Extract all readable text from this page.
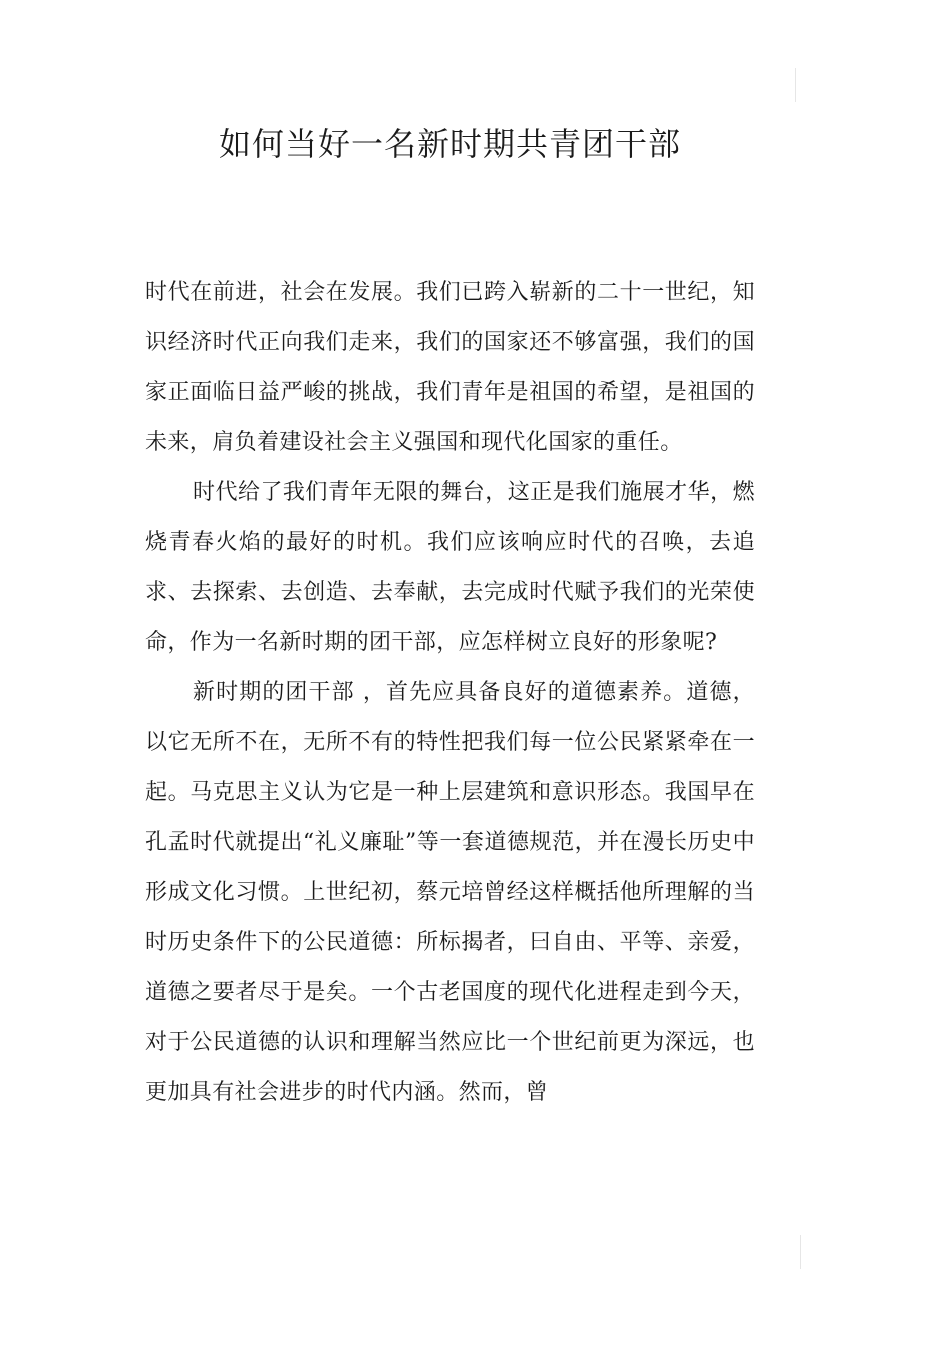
如何当好一名新时期共青团干部

时代在前进，社会在发展。我们已跨入崭新的二十一世纪，知识经济时代正向我们走来，我们的国家还不够富强，我们的国家正面临日益严峻的挑战，我们青年是祖国的希望，是祖国的未来，肩负着建设社会主义强国和现代化国家的重任。

时代给了我们青年无限的舞台，这正是我们施展才华，燃烧青春火焰的最好的时机。我们应该响应时代的召唤，去追求、去探索、去创造、去奉献，去完成时代赋予我们的光荣使命，作为一名新时期的团干部，应怎样树立良好的形象呢?

新时期的团干部 ，首先应具备良好的道德素养。道德，以它无所不在，无所不有的特性把我们每一位公民紧紧牵在一起。马克思主义认为它是一种上层建筑和意识形态。我国早在孔孟时代就提出“礼义廉耻”等一套道德规范，并在漫长历史中形成文化习惯。上世纪初，蔡元培曾经这样概括他所理解的当时历史条件下的公民道德：所标揭者，曰自由、平等、亲爱，道德之要者尽于是矣。一个古老国度的现代化进程走到今天，对于公民道德的认识和理解当然应比一个世纪前更为深远，也更加具有社会进步的时代内涵。然而，曾
